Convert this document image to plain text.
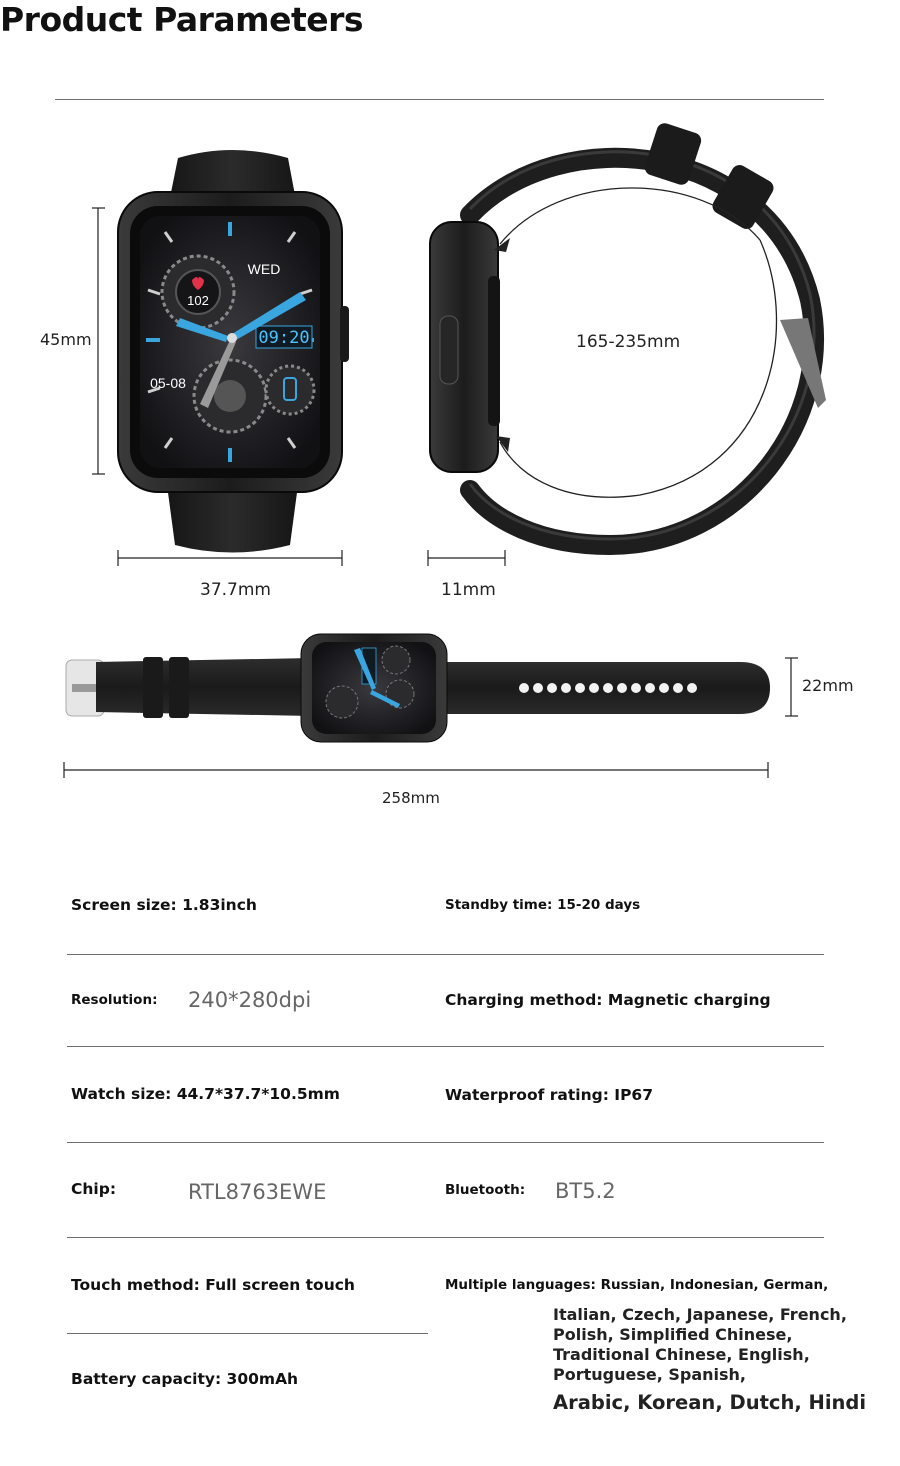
Product Parameters
102
09:20
WED
05-08
45mm
37.7mm	11mm
165-235mm
22mm
258mm
Screen size: 1.83inch	Standby time: 15-20 days
Resolution: 240*280dpi	Charging method: Magnetic charging
Watch size: 44.7*37.7*10.5mm	Waterproof rating: IP67
Chip:	RTL8763EWE	Bluetooth: BT5.2
Touch method: Full screen touch	Multiple languages: Russian, Indonesian, German,
Italian, Czech, Japanese, French,
Polish, Simplified Chinese,
Traditional Chinese, English,
Portuguese, Spanish,
Arabic, Korean, Dutch, Hindi
Battery capacity: 300mAh
